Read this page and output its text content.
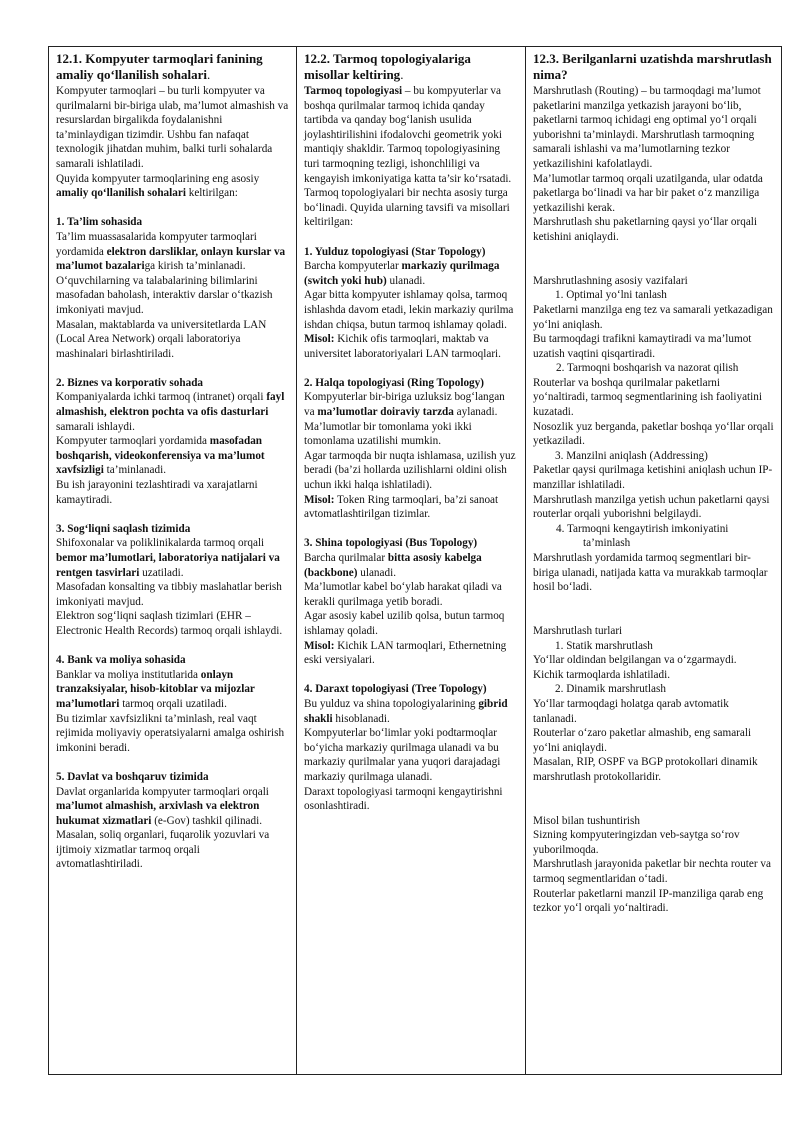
12.1. Kompyuter tarmoqlari fanining amaliy qo‘llanilish sohalari.

Kompyuter tarmoqlari – bu turli kompyuter va qurilmalarni bir-biriga ulab, ma’lumot almashish va resurslardan birgalikda foydalanishni ta’minlaydigan tizimdir. Ushbu fan nafaqat texnologik jihatdan muhim, balki turli sohalarda samarali ishlatiladi.

Quyida kompyuter tarmoqlarining eng asosiy amaliy qo‘llanilish sohalari keltirilgan:

1. Ta’lim sohasida

Ta’lim muassasalarida kompyuter tarmoqlari yordamida elektron darsliklar, onlayn kurslar va ma’lumot bazalariga kirish ta’minlanadi.

O‘quvchilarning va talabalarining bilimlarini masofadan baholash, interaktiv darslar o‘tkazish imkoniyati mavjud.

Masalan, maktablarda va universitetlarda LAN (Local Area Network) orqali laboratoriya mashinalari birlashtiriladi.

2. Biznes va korporativ sohada

Kompaniyalarda ichki tarmoq (intranet) orqali fayl almashish, elektron pochta va ofis dasturlari samarali ishlaydi.

Kompyuter tarmoqlari yordamida masofadan boshqarish, videokonferensiya va ma’lumot xavfsizligi ta’minlanadi.

Bu ish jarayonini tezlashtiradi va xarajatlarni kamaytiradi.

3. Sog‘liqni saqlash tizimida

Shifoxonalar va poliklinikalarda tarmoq orqali bemor ma’lumotlari, laboratoriya natijalari va rentgen tasvirlari uzatiladi.

Masofadan konsalting va tibbiy maslahatlar berish imkoniyati mavjud.

Elektron sog‘liqni saqlash tizimlari (EHR – Electronic Health Records) tarmoq orqali ishlaydi.

4. Bank va moliya sohasida

Banklar va moliya institutlarida onlayn tranzaksiyalar, hisob-kitoblar va mijozlar ma’lumotlari tarmoq orqali uzatiladi.

Bu tizimlar xavfsizlikni ta’minlash, real vaqt rejimida moliyaviy operatsiyalarni amalga oshirish imkonini beradi.

5. Davlat va boshqaruv tizimida

Davlat organlarida kompyuter tarmoqlari orqali ma’lumot almashish, arxivlash va elektron hukumat xizmatlari (e-Gov) tashkil qilinadi.

Masalan, soliq organlari, fuqarolik yozuvlari va ijtimoiy xizmatlar tarmoq orqali avtomatlashtiriladi.

12.2. Tarmoq topologiyalariga misollar keltiring.

Tarmoq topologiyasi – bu kompyuterlar va boshqa qurilmalar tarmoq ichida qanday tartibda va qanday bog‘lanish usulida joylashtirilishini ifodalovchi geometrik yoki mantiqiy shakldir. Tarmoq topologiyasining turi tarmoqning tezligi, ishonchliligi va kengayish imkoniyatiga katta ta’sir ko‘rsatadi.

Tarmoq topologiyalari bir nechta asosiy turga bo‘linadi. Quyida ularning tavsifi va misollari keltirilgan:

1. Yulduz topologiyasi (Star Topology)

Barcha kompyuterlar markaziy qurilmaga (switch yoki hub) ulanadi.

Agar bitta kompyuter ishlamay qolsa, tarmoq ishlashda davom etadi, lekin markaziy qurilma ishdan chiqsa, butun tarmoq ishlamay qoladi.

Misol: Kichik ofis tarmoqlari, maktab va universitet laboratoriyalari LAN tarmoqlari.

2. Halqa topologiyasi (Ring Topology)

Kompyuterlar bir-biriga uzluksiz bog‘langan va ma’lumotlar doiraviy tarzda aylanadi.

Ma’lumotlar bir tomonlama yoki ikki tomonlama uzatilishi mumkin.

Agar tarmoqda bir nuqta ishlamasa, uzilish yuz beradi (ba’zi hollarda uzilishlarni oldini olish uchun ikki halqa ishlatiladi).

Misol: Token Ring tarmoqlari, ba’zi sanoat avtomatlashtirilgan tizimlar.

3. Shina topologiyasi (Bus Topology)

Barcha qurilmalar bitta asosiy kabelga (backbone) ulanadi.

Ma’lumotlar kabel bo‘ylab harakat qiladi va kerakli qurilmaga yetib boradi.

Agar asosiy kabel uzilib qolsa, butun tarmoq ishlamay qoladi.

Misol: Kichik LAN tarmoqlari, Ethernetning eski versiyalari.

4. Daraxt topologiyasi (Tree Topology)

Bu yulduz va shina topologiyalarining gibrid shakli hisoblanadi.

Kompyuterlar bo‘limlar yoki podtarmoqlar bo‘yicha markaziy qurilmaga ulanadi va bu markaziy qurilmalar yana yuqori darajadagi markaziy qurilmaga ulanadi.

Daraxt topologiyasi tarmoqni kengaytirishni osonlashtiradi.

12.3. Berilganlarni uzatishda marshrutlash nima?

Marshrutlash (Routing) – bu tarmoqdagi ma’lumot paketlarini manzilga yetkazish jarayoni bo‘lib, paketlarni tarmoq ichidagi eng optimal yo‘l orqali yuborishni ta’minlaydi. Marshrutlash tarmoqning samarali ishlashi va ma’lumotlarning tezkor yetkazilishini kafolatlaydi.

Ma’lumotlar tarmoq orqali uzatilganda, ular odatda paketlarga bo‘linadi va har bir paket o‘z manziliga yetkazilishi kerak.

Marshrutlash shu paketlarning qaysi yo‘llar orqali ketishini aniqlaydi.

Marshrutlashning asosiy vazifalari

1. Optimal yo‘lni tanlash

Paketlarni manzilga eng tez va samarali yetkazadigan yo‘lni aniqlash.

Bu tarmoqdagi trafikni kamaytiradi va ma’lumot uzatish vaqtini qisqartiradi.

2. Tarmoqni boshqarish va nazorat qilish

Routerlar va boshqa qurilmalar paketlarni yo‘naltiradi, tarmoq segmentlarining ish faoliyatini kuzatadi.

Nosozlik yuz berganda, paketlar boshqa yo‘llar orqali yetkaziladi.

3. Manzilni aniqlash (Addressing)

Paketlar qaysi qurilmaga ketishini aniqlash uchun IP-manzillar ishlatiladi.

Marshrutlash manzilga yetish uchun paketlarni qaysi routerlar orqali yuborishni belgilaydi.

4. Tarmoqni kengaytirish imkoniyatini ta’minlash

Marshrutlash yordamida tarmoq segmentlari bir-biriga ulanadi, natijada katta va murakkab tarmoqlar hosil bo‘ladi.

Marshrutlash turlari

1. Statik marshrutlash

Yo‘llar oldindan belgilangan va o‘zgarmaydi.

Kichik tarmoqlarda ishlatiladi.

2. Dinamik marshrutlash

Yo‘llar tarmoqdagi holatga qarab avtomatik tanlanadi.

Routerlar o‘zaro paketlar almashib, eng samarali yo‘lni aniqlaydi.

Masalan, RIP, OSPF va BGP protokollari dinamik marshrutlash protokollaridir.

Misol bilan tushuntirish

Sizning kompyuteringizdan veb-saytga so‘rov yuborilmoqda.

Marshrutlash jarayonida paketlar bir nechta router va tarmoq segmentlaridan o‘tadi.

Routerlar paketlarni manzil IP-manziliga qarab eng tezkor yo‘l orqali yo‘naltiradi.
